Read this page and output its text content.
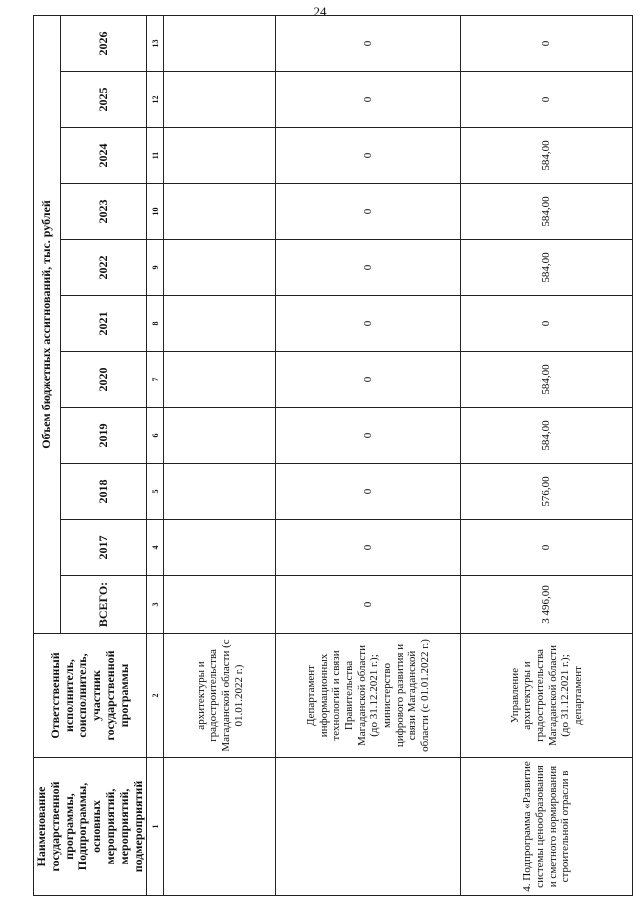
24
Наименование государственной программы, Подпрограммы, основных мероприятий, мероприятий, подмероприятий	Ответственный исполнитель, соисполнитель, участник государственной программы	Объем бюджетных ассигнований, тыс. рублей										
		ВСЕГО:	2017	2018	2019	2020	2021	2022	2023	2024	2025	2026
1	2	3	4	5	6	7	8	9	10	11	12	13
	архитектуры и градостроительства Магаданской области (с 01.01.2022 г.)											
	Департамент информационных технологий и связи Правительства Магаданской области (до 31.12.2021 г.); министерство цифрового развития и связи Магаданской области (с 01.01.2022 г.)	0	0	0	0	0	0	0	0	0	0	0
4. Подпрограмма «Развитие системы ценообразования и сметного нормирования строительной отрасли в	Управление архитектуры и градостроительства Магаданской области (до 31.12.2021 г.); департамент	3 496,00	0	576,00	584,00	584,00	0	584,00	584,00	584,00	0	0
